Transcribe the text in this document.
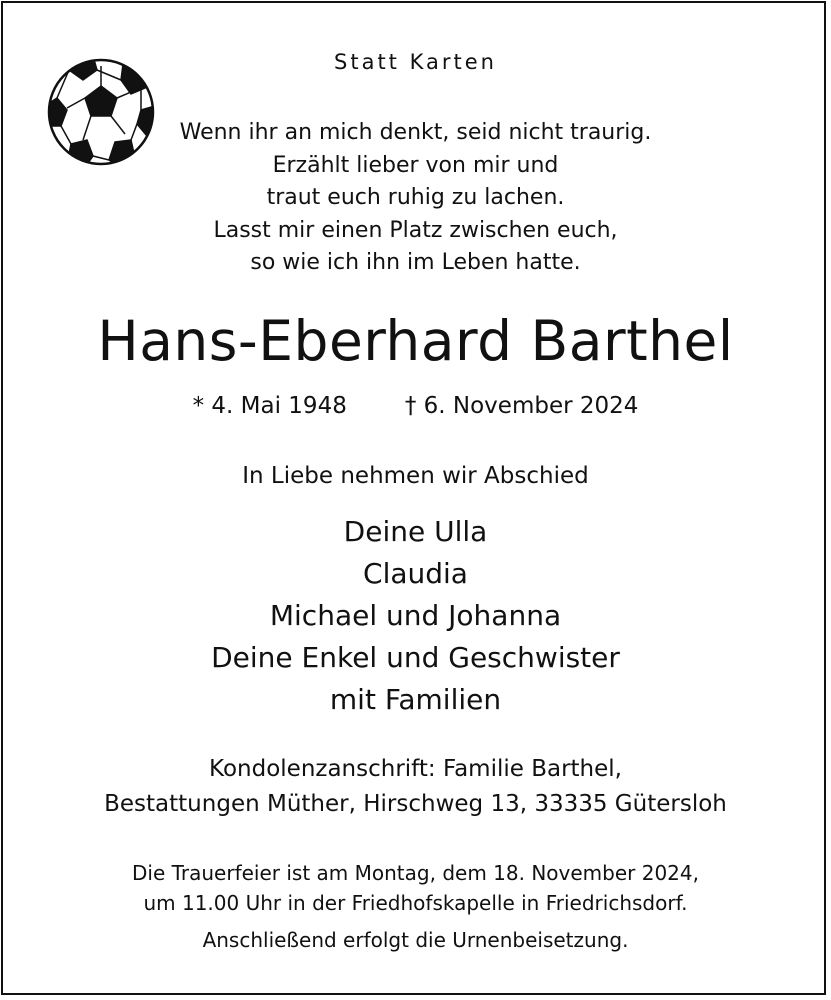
Statt Karten
Wenn ihr an mich denkt, seid nicht traurig.
Erzählt lieber von mir und
traut euch ruhig zu lachen.
Lasst mir einen Platz zwischen euch,
so wie ich ihn im Leben hatte.
Hans-Eberhard Barthel
* 4. Mai 1948	† 6. November 2024
In Liebe nehmen wir Abschied
Deine Ulla
Claudia
Michael und Johanna
Deine Enkel und Geschwister
mit Familien
Kondolenzanschrift: Familie Barthel,
Bestattungen Müther, Hirschweg 13, 33335 Gütersloh
Die Trauerfeier ist am Montag, dem 18. November 2024,
um 11.00 Uhr in der Friedhofskapelle in Friedrichsdorf.
Anschließend erfolgt die Urnenbeisetzung.
